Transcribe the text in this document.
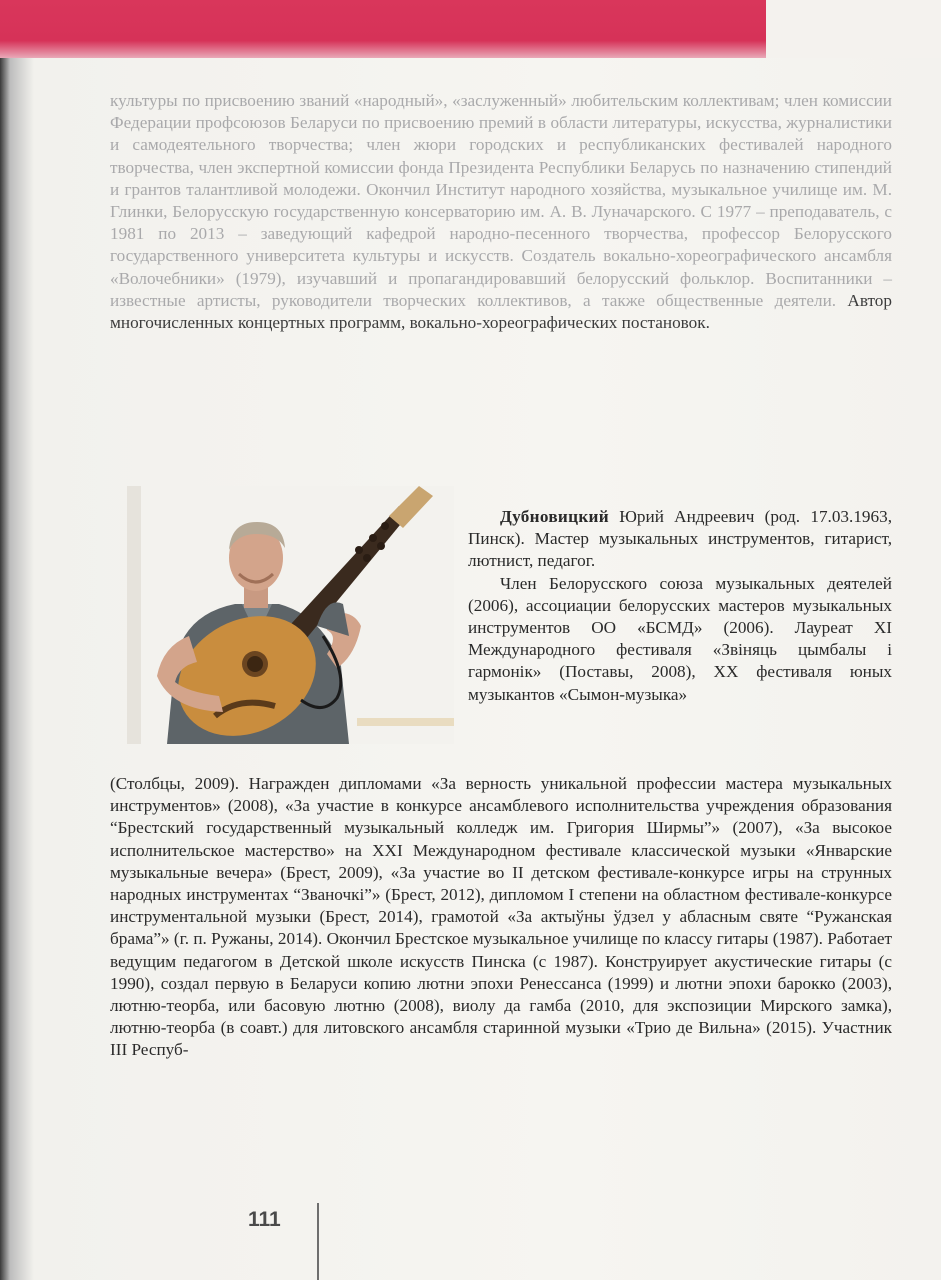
культуры по присвоению званий «народный», «заслуженный» любительским коллективам; член комиссии Федерации профсоюзов Беларуси по присвоению премий в области литературы, искусства, журналистики и самодеятельного творчества; член жюри городских и республиканских фестивалей народного творчества, член экспертной комиссии фонда Президента Республики Беларусь по назначению стипендий и грантов талантливой молодежи. Окончил Институт народного хозяйства, музыкальное училище им. М. Глинки, Белорусскую государственную консерваторию им. А. В. Луначарского. С 1977 – преподаватель, с 1981 по 2013 – заведующий кафедрой народно-песенного творчества, профессор Белорусского государственного университета культуры и искусств. Создатель вокально-хореографического ансамбля «Волочебники» (1979), изучавший и пропагандировавший белорусский фольклор. Воспитанники – известные артисты, руководители творческих коллективов, а также общественные деятели. Автор многочисленных концертных программ, вокально-хореографических постановок.

Дубновицкий Юрий Андреевич (род. 17.03.1963, Пинск). Мастер музыкальных инструментов, гитарист, лютнист, педагог.

Член Белорусского союза музыкальных деятелей (2006), ассоциации белорусских мастеров музыкальных инструментов ОО «БСМД» (2006). Лауреат XI Международного фестиваля «Звіняць цымбалы і гармонік» (Поставы, 2008), XX фестиваля юных музыкантов «Сымон-музыка»

(Столбцы, 2009). Награжден дипломами «За верность уникальной профессии мастера музыкальных инструментов» (2008), «За участие в конкурсе ансамблевого исполнительства учреждения образования “Брестский государственный музыкальный колледж им. Григория Ширмы”» (2007), «За высокое исполнительское мастерство» на XXI Международном фестивале классической музыки «Январские музыкальные вечера» (Брест, 2009), «За участие во II детском фестивале-конкурсе игры на струнных народных инструментах “Званочкі”» (Брест, 2012), дипломом I степени на областном фестивале-конкурсе инструментальной музыки (Брест, 2014), грамотой «За актыўны ўдзел у абласным святе “Ружанская брама”» (г. п. Ружаны, 2014). Окончил Брестское музыкальное училище по классу гитары (1987). Работает ведущим педагогом в Детской школе искусств Пинска (с 1987). Конструирует акустические гитары (с 1990), создал первую в Беларуси копию лютни эпохи Ренессанса (1999) и лютни эпохи барокко (2003), лютню-теорба, или басовую лютню (2008), виолу да гамба (2010, для экспозиции Мирского замка), лютню-теорба (в соавт.) для литовского ансамбля старинной музыки «Трио де Вильна» (2015). Участник III Респуб-

111
